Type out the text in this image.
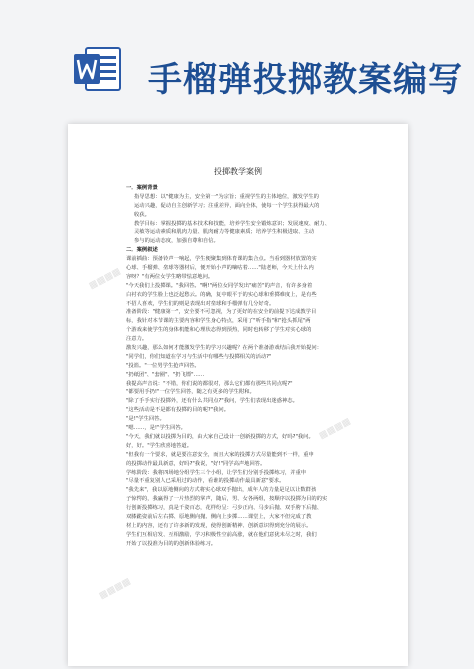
手榴弹投掷教案编写
▦▦▦▦
▦▦▦▦
▦▦▦▦
投掷教学案例
一．案例背景
指导思想：以"健康为主，安全第一"为宗旨；重视学生的主体地位，激发学生的
运动兴趣，促动自主创新学习；注重差异，面向全体，使每一个学生获得最大的
收获。
教学目标：掌握投掷的基本技术和技能，培养学生安全锻炼意识；发展速度、耐力、
灵敏等运动素质和肌肉力量、肌肉耐力等健康素质；培养学生积极进取、主动
参与的运动态度，加强自尊和自信。
二．案例叙述
课前插曲：预备铃声一响起，学生便聚集到体育课的集合点。当看到器材放置的实
心球、手榴弹、垒球等器材后，便开始小声的嘀咕着……"陆老师，今天上什么内
容呀？"有两位女学生略带怯意地问。
"今天我们上投掷课。"我回答。"啊!"两位女同学发出"痛苦"的声音，有许多身着
白衬衣的学生脸上也泛起愁云。的确，复中眼平于的实心球和垂掷难度上，是有些
不招人喜欢，学生们的则是表现出对垒球和手榴弹有几分好奇。
准备阶段："健康第一"，安全要不可忽视，为了更好的在安全的前提下达成教学目
标，我针对本节课的主要内容和学生身心特点，采用了"听手指"和"抢头抓尾"两
个游戏来使学生的身体机能和心理状态得到预热，同时也转移了学生对实心球的
注意力。
激发兴趣，那么如何才能激发学生的学习兴趣呢？在两个准备游戏结后我开始提问：
"同学们，你们知道在学习与生活中有哪些与投掷相关的活动?"
"投篮。"一位男学生抢声回答。
"扔纸团"、"套圈"、"扔飞镖"……
我提高声音说："不错，你们说的都很对，那么它们都有那些共同点呢?"
"都要用手扔!"一位学生回答，随之有更多的学生附和。
"除了手手实行投掷外，还有什么共同点?"我问，学生们表现出迷惑神态。
"这些活动是不是都有投掷的目的呢?"我问。
"是!"学生回答。
"嗯……，是!"学生回答。
"今天，我们就以投掷为目的，由大家自己设计一创新投掷的方式，好吗?"我问。
好，好。"学生欣喜地答道。
"但我有一个要求，就是要注意安全，而且大家的投掷方式尽量能到不一样，重申
的投掷动作最具新意，好吗?"我说，"好!"同学高声地回答。
学练阶段：我将四场地分组学生三个小组，让学生们分别手投掷练习，并重申
"尽量不重复别人已采用过的动作，看谁的投掷动作最具新意"要求。
"我先来"，我以原地侧向的方式将实心球双手抛出，成年人的力量是足以让数群孩
子惊愕的，我赢得了一片热烈的掌声，随后，男、女各两组，按顺序以投掷为目的的实
行创新投掷练习，真是千姿百态，花样纷呈：弓步正向、马步后抛、双手胯下后抛、
双膝跪姿前后左右掷、原地侧向抛、侧向上步掷……课堂上，大家不但完成了教
材上的内容，还有了许多新的发现，使得创新精神、创新意识得到充分的展示。
学生们互相启发、互相激励，学习积极性空前高涨，就在他们意犹未尽之时，我们
开始了以投准为目的的创新体验练习。
